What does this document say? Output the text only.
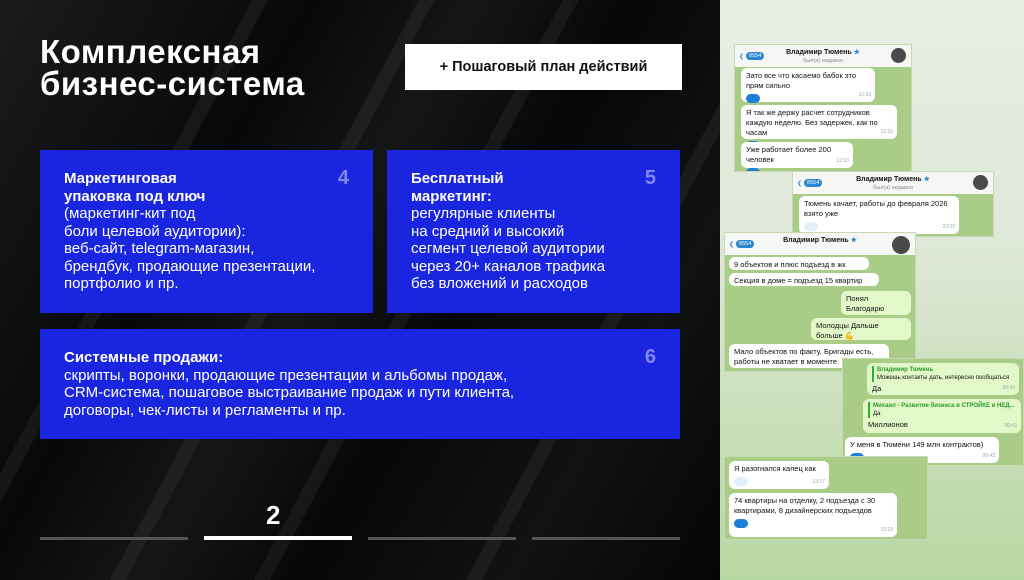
Комплексная
бизнес-система	+ Пошаговый план действий
4
Маркетинговая
упаковка под ключ
(маркетинг-кит под
боли целевой аудитории):
веб-сайт, telegram-магазин,
брендбук, продающие презентации,
портфолио и пр.
5
Бесплатный
маркетинг:
регулярные клиенты
на средний и высокий
сегмент целевой аудитории
через 20+ каналов трафика
без вложений и расходов
6
Системные продажи:
скрипты, воронки, продающие презентации и альбомы продаж,
CRM-система, пошаговое выстраивание продаж и пути клиента,
договоры, чек-листы и регламенты и пр.
2
❮ 8554	Владимир Тюмень ★
был(а) недавно
Зато все что касаемо бабок это прям сильно
12:33
Я так же держу расчет сотрудников каждую неделю. Без задержек, как по часам	12:33
Уже работает более 200 человек	12:33
❮ 8554	Владимир Тюмень ★
был(а) недавно
Тюмень качает, работы до февраля 2026 взято уже
23:03
❮ 8554	Владимир Тюмень ★
9 объектов и плюс подъезд в жк
Секция в доме = подъезд 15 квартир
Понял Благодарю
Молодцы Дальше больше 💪
Мало объектов по факту. Бригады есть, работы не хватает в моменте
Владимир Тюмень
Можешь контакты дать, интересно пообщаться
Да	00:43
Михаил - Развитие бизнеса в СТРОЙКЕ и НЕД...
Да
Миллионов	00:43
У меня в Тюмени 149 млн контрактов)
00:43
Я разогнался капец как
13:17
74 квартиры на отделку, 2 подъезда с 30 квартирами, 8 дизайнерских подъездов
13:18
